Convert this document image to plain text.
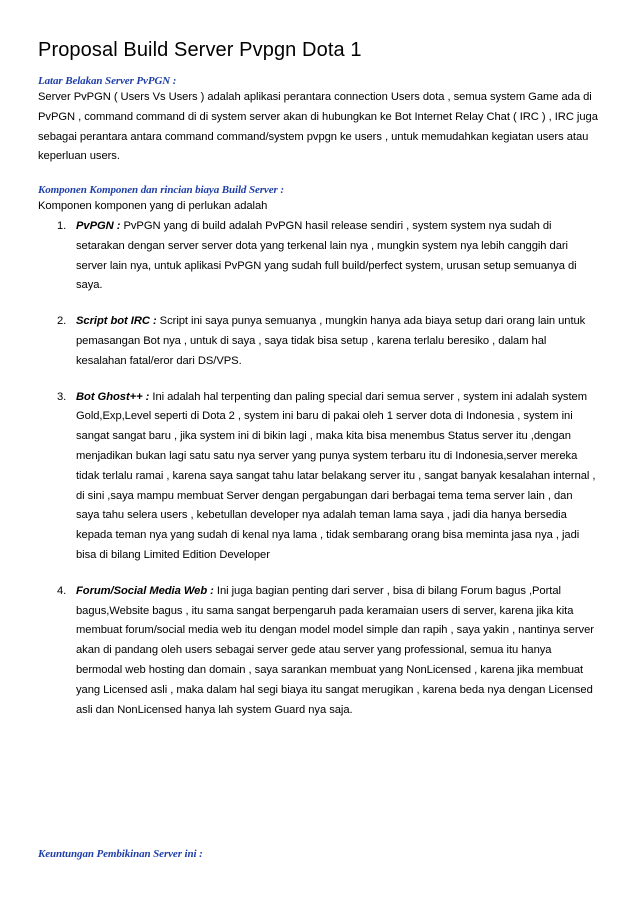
Proposal Build Server Pvpgn Dota 1

Latar Belakan Server PvPGN :

Server PvPGN ( Users Vs Users ) adalah aplikasi perantara connection Users dota , semua system Game ada di PvPGN , command command di di system server akan di hubungkan ke Bot Internet Relay Chat ( IRC ) , IRC juga sebagai perantara antara command command/system pvpgn ke users , untuk memudahkan kegiatan users atau keperluan users.

Komponen Komponen dan rincian biaya Build Server :

Komponen komponen yang di perlukan adalah

1. PvPGN : PvPGN yang di build adalah PvPGN hasil release sendiri , system system nya sudah di setarakan dengan server server dota yang terkenal lain nya , mungkin system nya lebih canggih dari server lain nya, untuk aplikasi PvPGN yang sudah full build/perfect system, urusan setup semuanya di saya.
2. Script bot IRC : Script ini saya punya semuanya , mungkin hanya ada biaya setup dari orang lain untuk pemasangan Bot nya , untuk di saya , saya tidak bisa setup , karena terlalu beresiko , dalam hal kesalahan fatal/eror dari DS/VPS.
3. Bot Ghost++ : Ini adalah hal terpenting dan paling special dari semua server , system ini adalah system Gold,Exp,Level seperti di Dota 2 , system ini baru di pakai oleh 1 server dota di Indonesia , system ini sangat sangat baru , jika system ini di bikin lagi , maka kita bisa menembus Status server itu ,dengan menjadikan bukan lagi satu satu nya server yang punya system terbaru itu di Indonesia,server mereka tidak terlalu ramai , karena saya sangat tahu latar belakang server itu , sangat banyak kesalahan internal , di sini ,saya mampu membuat Server dengan pergabungan dari berbagai tema tema server lain , dan saya tahu selera users , kebetullan developer nya adalah teman lama saya , jadi dia hanya bersedia kepada teman nya yang sudah di kenal nya lama , tidak sembarang orang bisa meminta jasa nya , jadi bisa di bilang Limited Edition Developer
4. Forum/Social Media Web : Ini juga bagian penting dari server , bisa di bilang Forum bagus ,Portal bagus,Website bagus , itu sama sangat berpengaruh pada keramaian users di server, karena jika kita membuat forum/social media web itu dengan model model simple dan rapih , saya yakin , nantinya server akan di pandang oleh users sebagai server gede atau server yang professional, semua itu hanya bermodal web hosting dan domain , saya sarankan membuat yang NonLicensed , karena jika membuat yang Licensed asli , maka dalam hal segi biaya itu sangat merugikan , karena beda nya dengan Licensed asli dan NonLicensed hanya lah system Guard nya saja.

Keuntungan Pembikinan Server ini :
